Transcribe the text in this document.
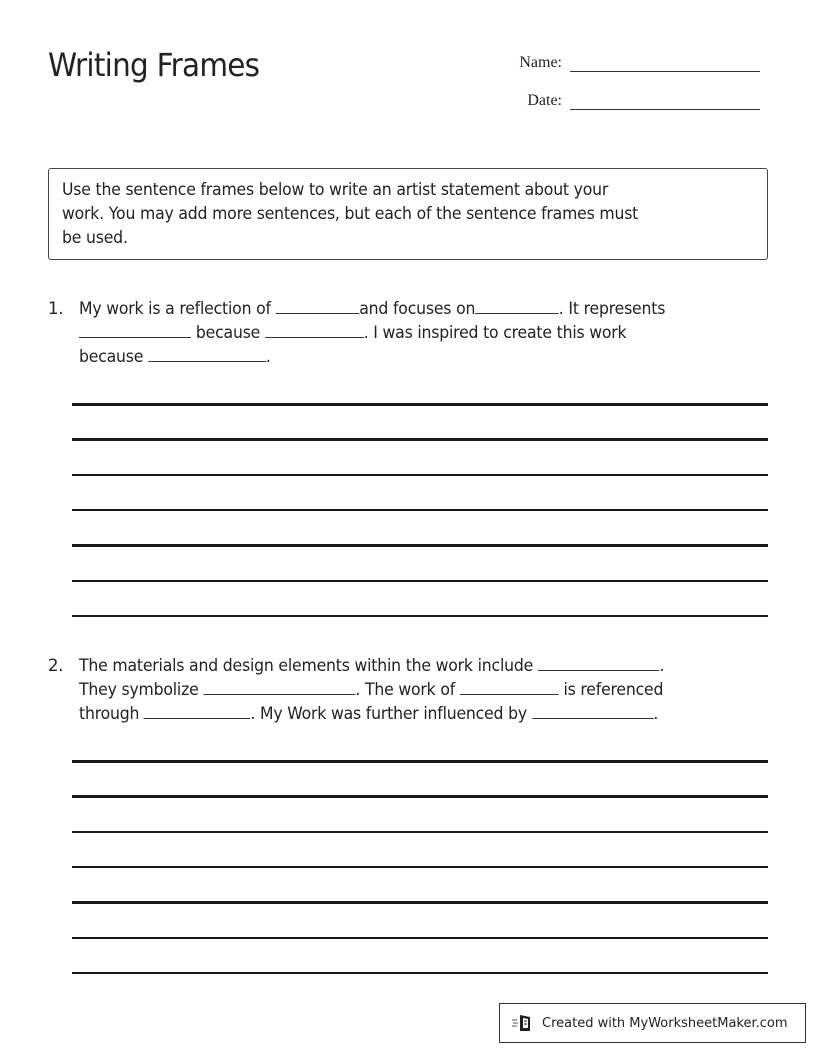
Writing Frames	Name:
Date:
Use the sentence frames below to write an artist statement about your
work. You may add more sentences, but each of the sentence frames must
be used.
1. My work is a reflection of	and focuses on	. It represents
because	. I was inspired to create this work
because	.
2. The materials and design elements within the work include	.
They symbolize	. The work of	is referenced
through	. My Work was further influenced by	.
Created with MyWorksheetMaker.com
